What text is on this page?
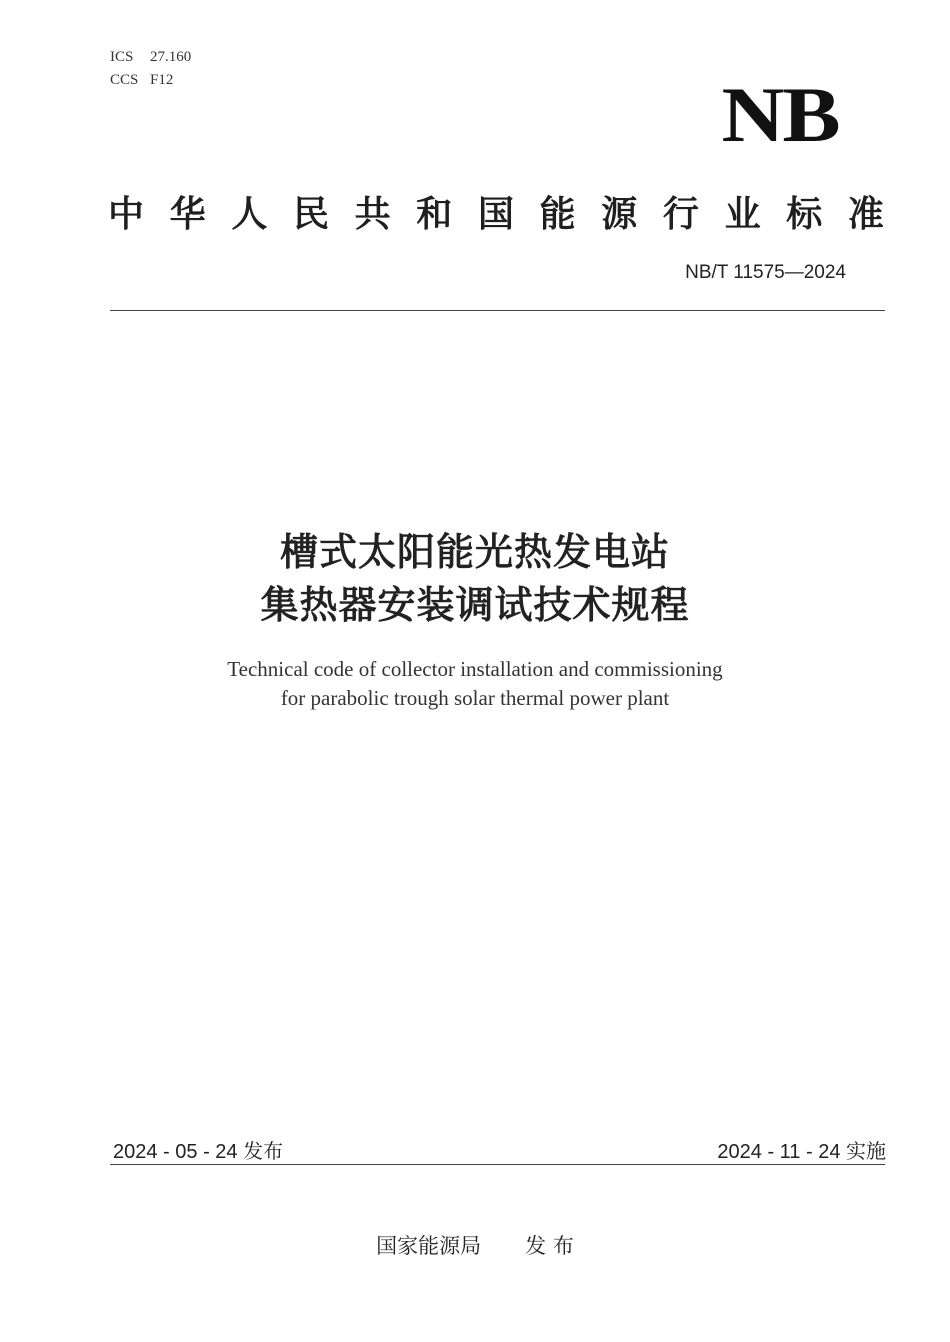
ICS 27.160
CCS F12	NB
中 华 人 民 共 和 国 能 源 行 业 标 准
NB/T 11575—2024
槽式太阳能光热发电站
集热器安装调试技术规程
Technical code of collector installation and commissioning
for parabolic trough solar thermal power plant
2024 - 05 - 24 发布	2024 - 11 - 24 实施
国家能源局 发 布
